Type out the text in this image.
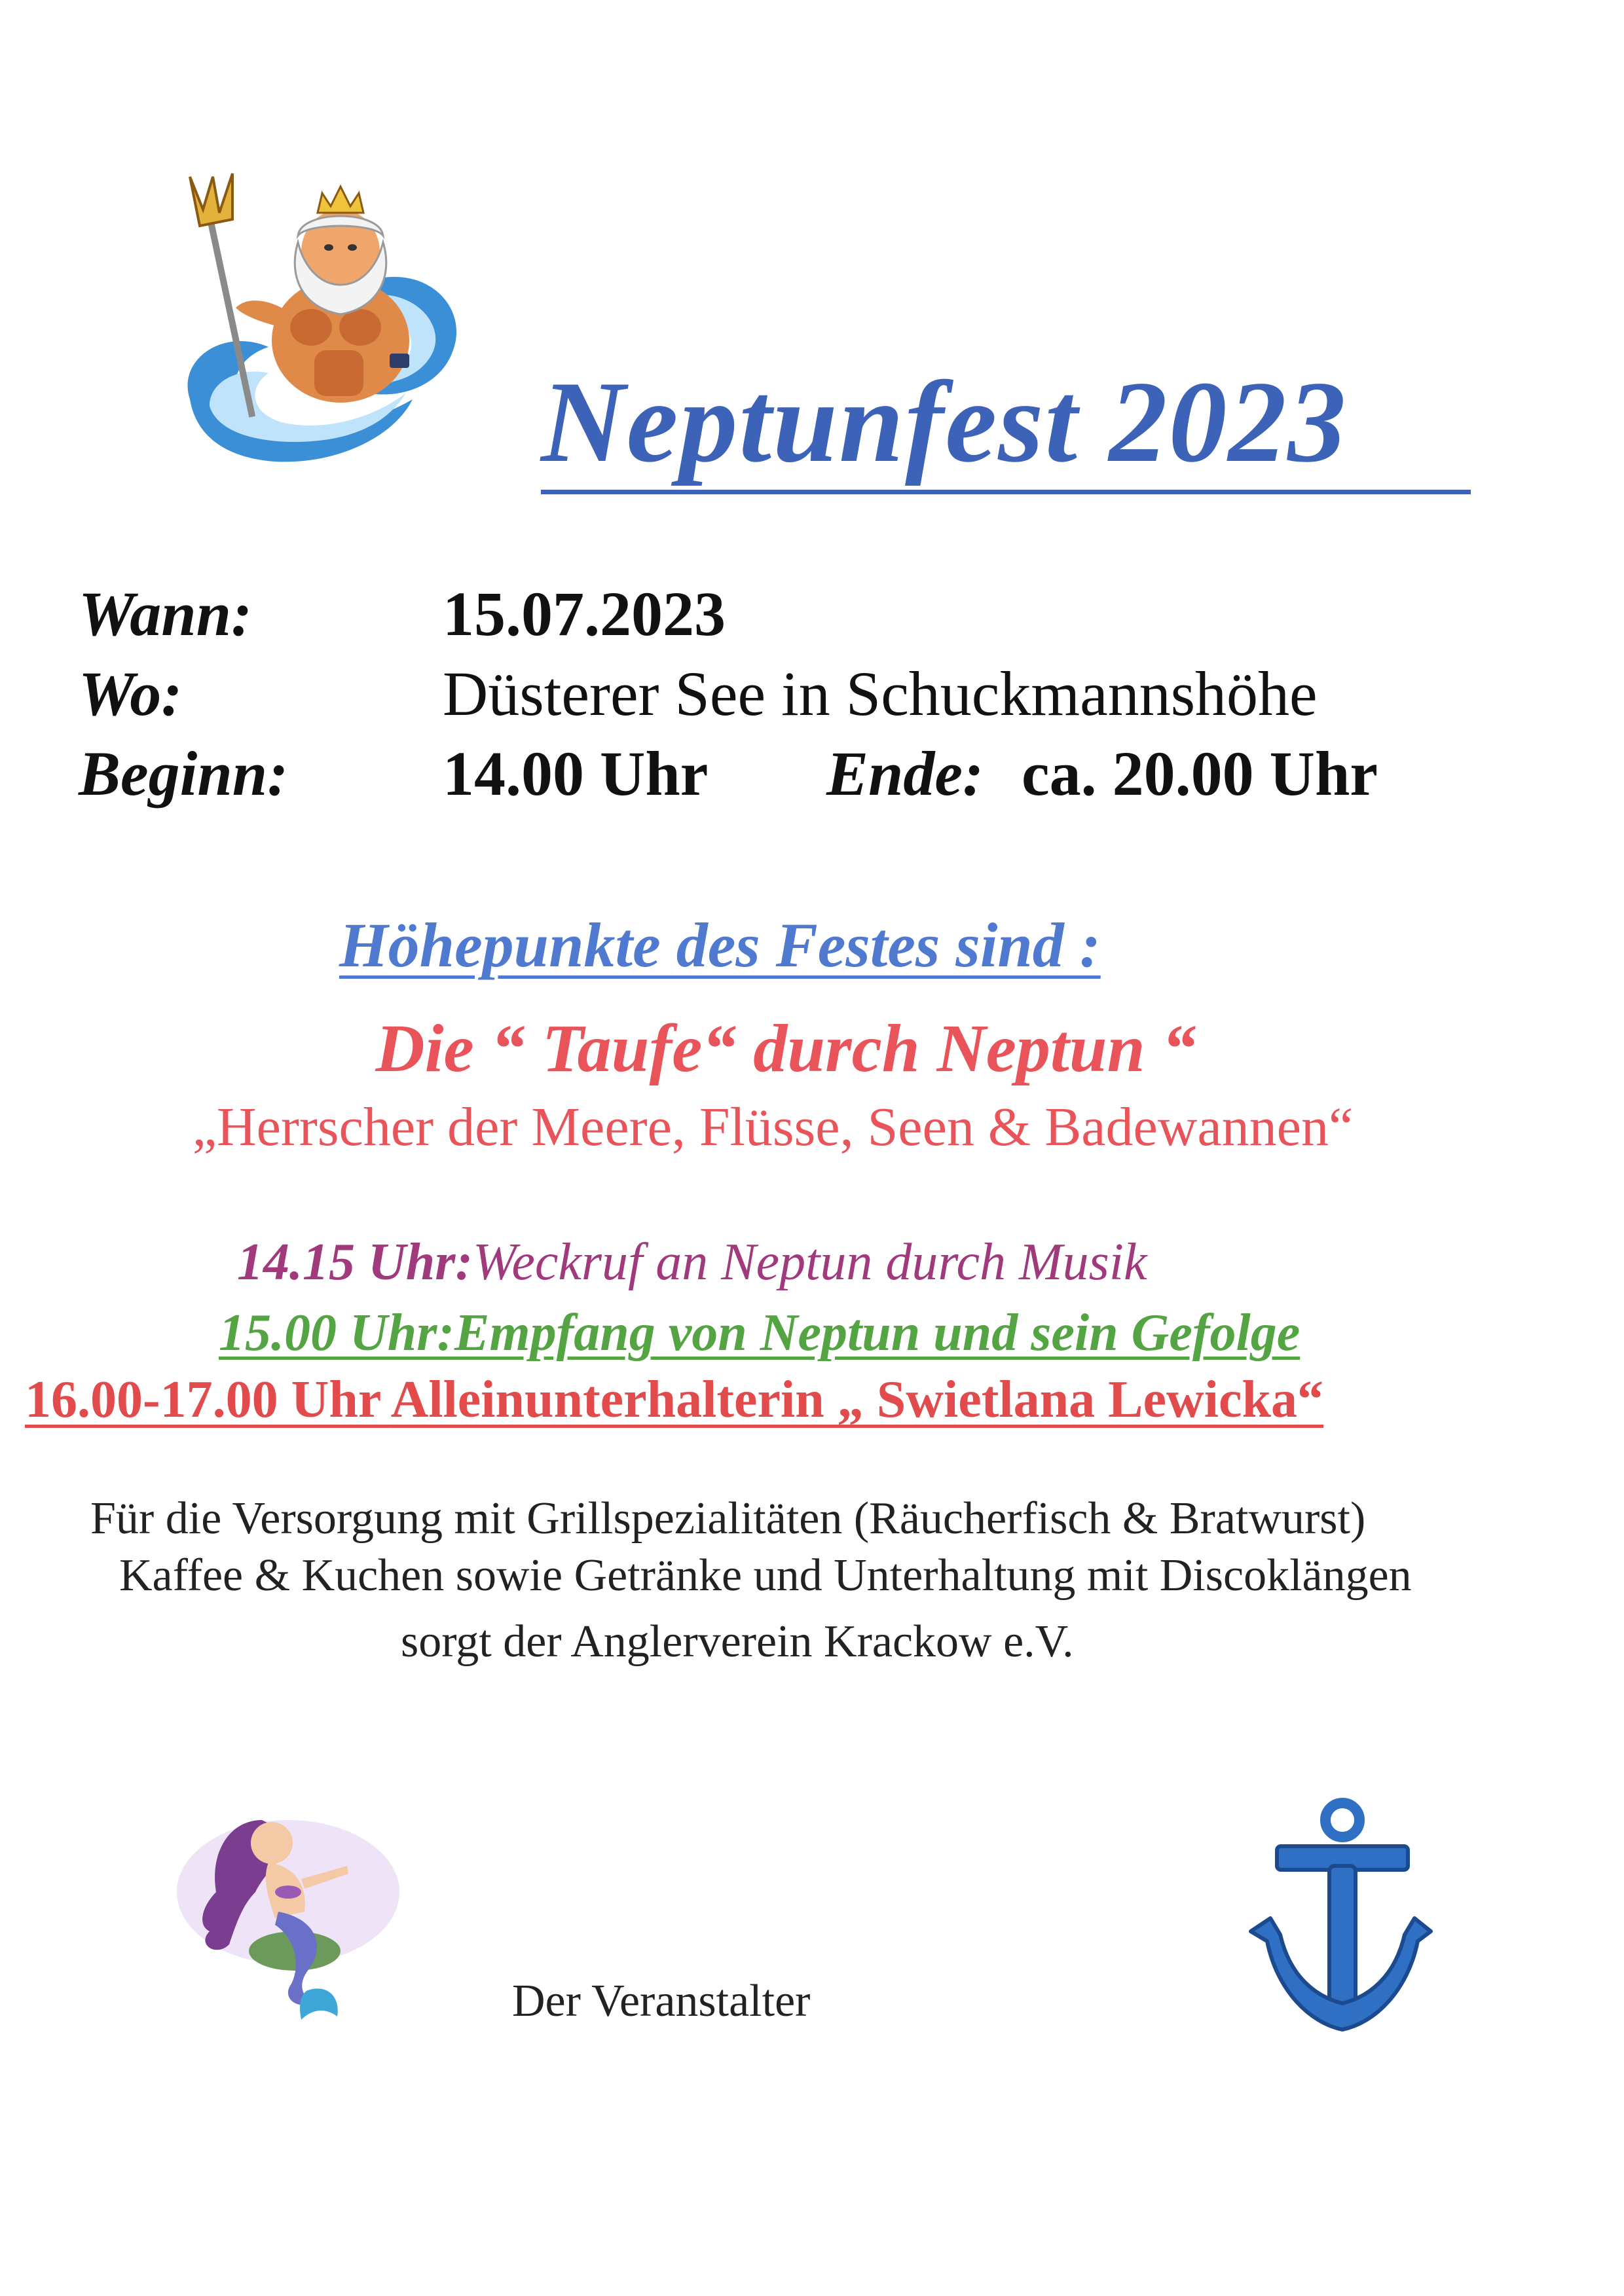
Neptunfest 2023
Wann:	15.07.2023
Wo:	Düsterer See in Schuckmannshöhe
Beginn: 14.00 Uhr Ende: ca. 20.00 Uhr
Höhepunkte des Festes sind :
Die “ Taufe“ durch Neptun “
„Herrscher der Meere, Flüsse, Seen & Badewannen“
14.15 Uhr:Weckruf an Neptun durch Musik
15.00 Uhr:Empfang von Neptun und sein Gefolge
16.00-17.00 Uhr Alleinunterhalterin „ Swietlana Lewicka“
Für die Versorgung mit Grillspezialitäten (Räucherfisch & Bratwurst)
Kaffee & Kuchen sowie Getränke und Unterhaltung mit Discoklängen
sorgt der Anglerverein Krackow e.V.
Der Veranstalter
